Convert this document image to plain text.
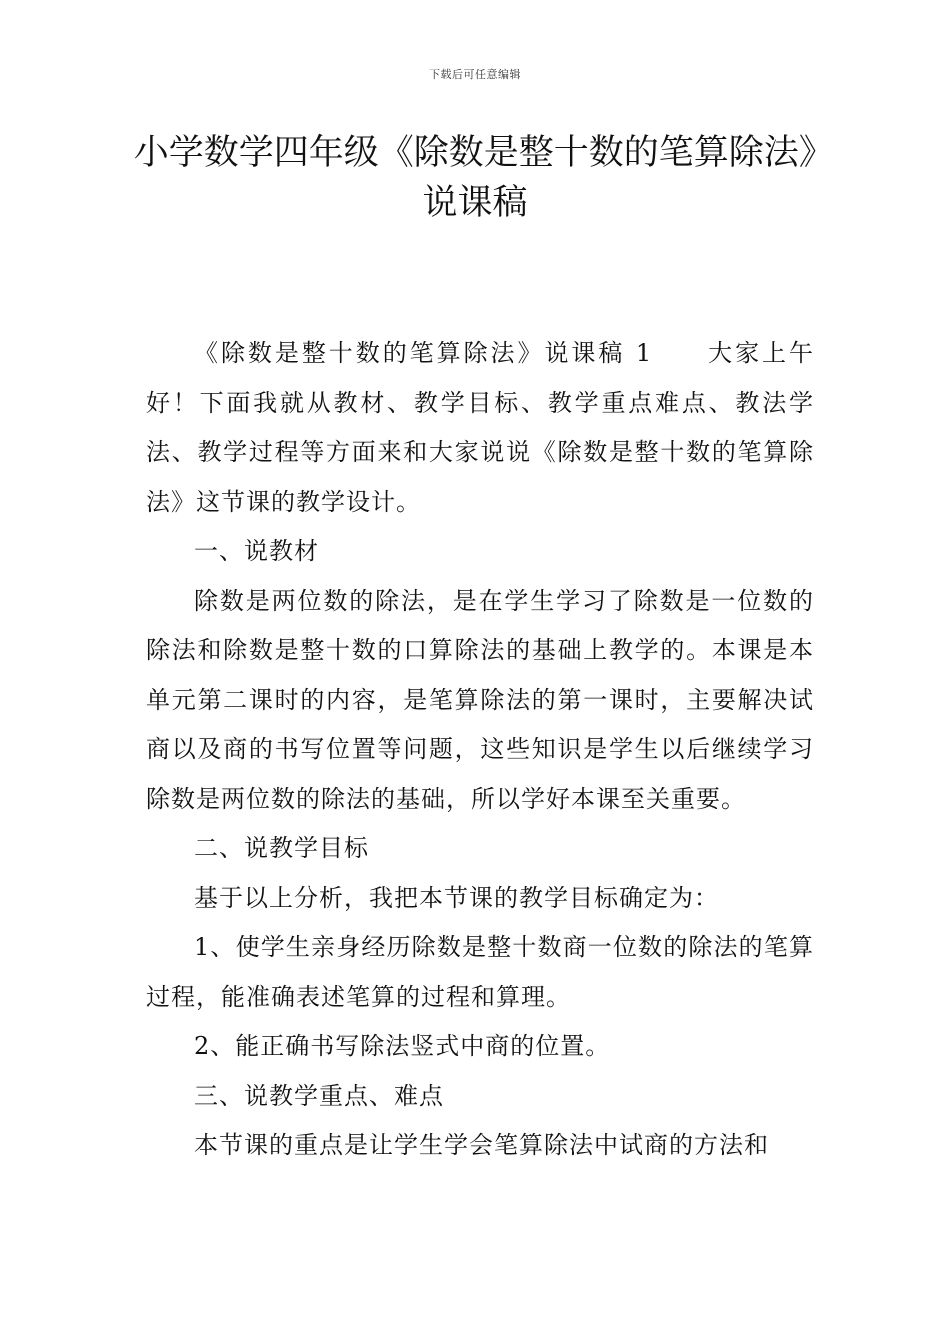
下载后可任意编辑
小学数学四年级《除数是整十数的笔算除法》说课稿

《除数是整十数的笔算除法》说课稿 1 大家上午好！下面我就从教材、教学目标、教学重点难点、教法学法、教学过程等方面来和大家说说《除数是整十数的笔算除法》这节课的教学设计。

一、说教材

除数是两位数的除法，是在学生学习了除数是一位数的除法和除数是整十数的口算除法的基础上教学的。本课是本单元第二课时的内容，是笔算除法的第一课时，主要解决试商以及商的书写位置等问题，这些知识是学生以后继续学习除数是两位数的除法的基础，所以学好本课至关重要。

二、说教学目标

基于以上分析，我把本节课的教学目标确定为：

1、使学生亲身经历除数是整十数商一位数的除法的笔算过程，能准确表述笔算的过程和算理。

2、能正确书写除法竖式中商的位置。

三、说教学重点、难点

本节课的重点是让学生学会笔算除法中试商的方法和
